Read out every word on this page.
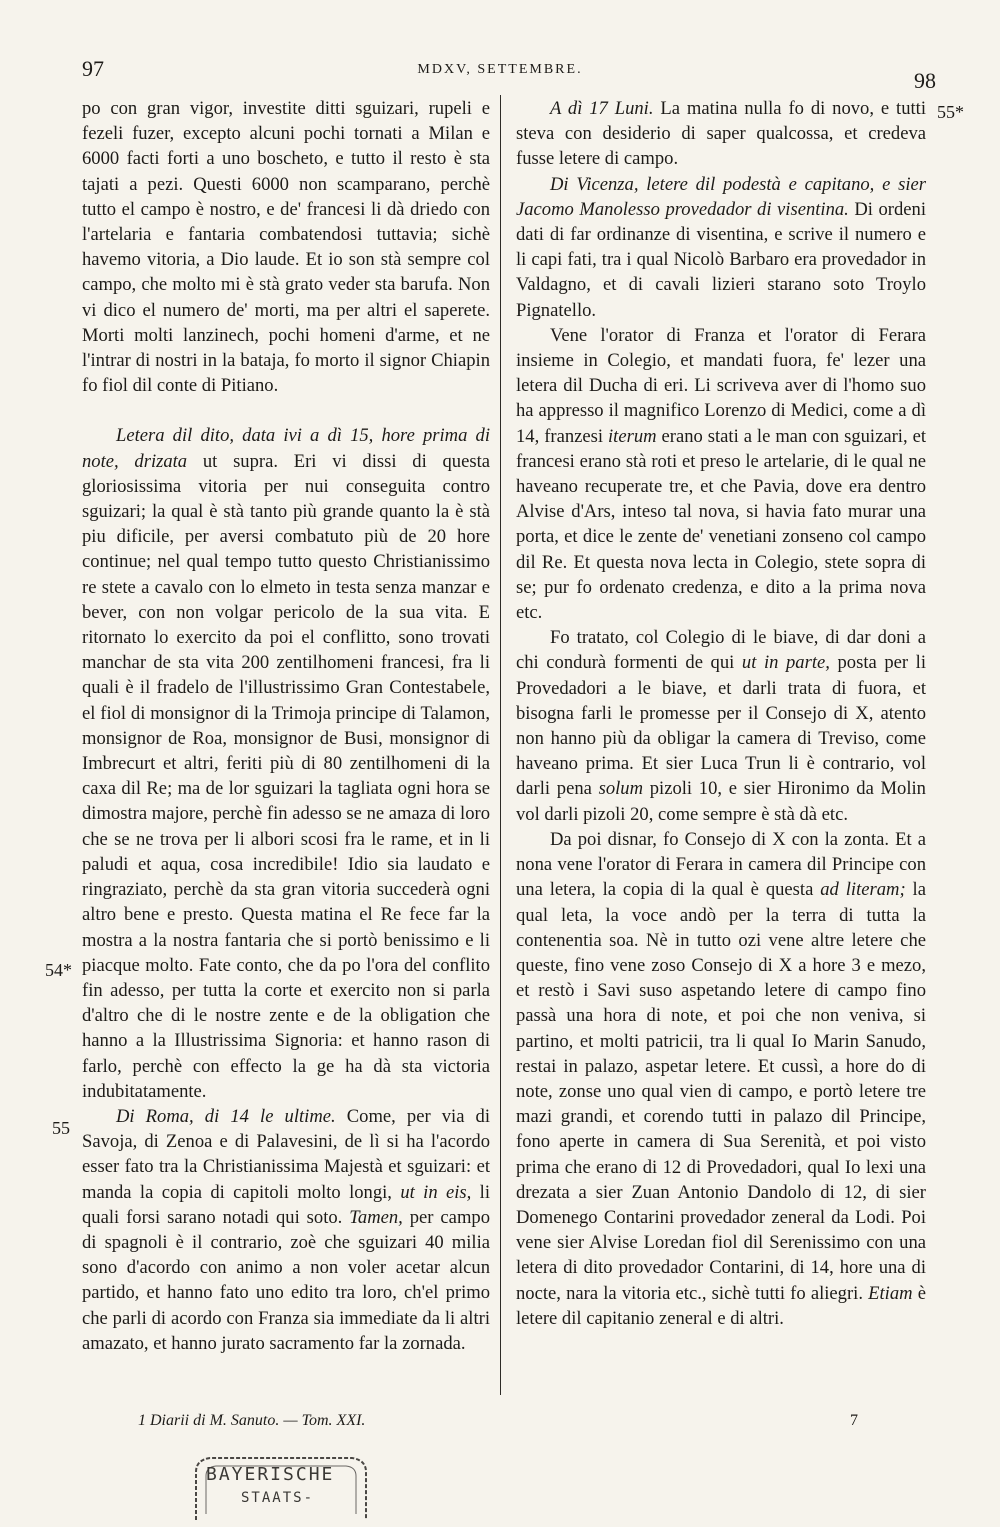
97	MDXV, SETTEMBRE.	98
54*
55
55*

po con gran vigor, investite ditti sguizari, rupeli e fezeli fuzer, excepto alcuni pochi tornati a Milan e 6000 facti forti a uno boscheto, e tutto il resto è sta tajati a pezi. Questi 6000 non scamparano, perchè tutto el campo è nostro, e de' francesi li dà driedo con l'artelaria e fantaria combatendosi tuttavia; sichè havemo vitoria, a Dio laude. Et io son stà sempre col campo, che molto mi è stà grato veder sta barufa. Non vi dico el numero de' morti, ma per altri el saperete. Morti molti lanzinech, pochi homeni d'arme, et ne l'intrar di nostri in la bataja, fo morto il signor Chiapin fo fiol dil conte di Pitiano.

Letera dil dito, data ivi a dì 15, hore prima di note, drizata ut supra. Eri vi dissi di questa gloriosissima vitoria per nui conseguita contro sguizari; la qual è stà tanto più grande quanto la è stà piu dificile, per aversi combatuto più de 20 hore continue; nel qual tempo tutto questo Christianissimo re stete a cavalo con lo elmeto in testa senza manzar e bever, con non volgar pericolo de la sua vita. E ritornato lo exercito da poi el conflitto, sono trovati manchar de sta vita 200 zentilhomeni francesi, fra li quali è il fradelo de l'illustrissimo Gran Contestabele, el fiol di monsignor di la Trimoja principe di Talamon, monsignor de Roa, monsignor de Busi, monsignor di Imbrecurt et altri, feriti più di 80 zentilhomeni di la caxa dil Re; ma de lor sguizari la tagliata ogni hora se dimostra majore, perchè fin adesso se ne amaza di loro che se ne trova per li albori scosi fra le rame, et in li paludi et aqua, cosa incredibile! Idio sia laudato e ringraziato, perchè da sta gran vitoria succederà ogni altro bene e presto. Questa matina el Re fece far la mostra a la nostra fantaria che si portò benissimo e li piacque molto. Fate conto, che da po l'ora del conflito fin adesso, per tutta la corte et exercito non si parla d'altro che di le nostre zente e de la obligation che hanno a la Illustrissima Signoria: et hanno rason di farlo, perchè con effecto la ge ha dà sta victoria indubitatamente.

Di Roma, di 14 le ultime. Come, per via di Savoja, di Zenoa e di Palavesini, de lì si ha l'acordo esser fato tra la Christianissima Majestà et sguizari: et manda la copia di capitoli molto longi, ut in eis, li quali forsi sarano notadi qui soto. Tamen, per campo di spagnoli è il contrario, zoè che sguizari 40 milia sono d'acordo con animo a non voler acetar alcun partido, et hanno fato uno edito tra loro, ch'el primo che parli di acordo con Franza sia immediate da li altri amazato, et hanno jurato sacramento far la zornada.

A dì 17 Luni. La matina nulla fo di novo, e tutti steva con desiderio di saper qualcossa, et credeva fusse letere di campo.

Di Vicenza, letere dil podestà e capitano, e sier Jacomo Manolesso provedador di visentina. Di ordeni dati di far ordinanze di visentina, e scrive il numero e li capi fati, tra i qual Nicolò Barbaro era provedador in Valdagno, et di cavali lizieri starano soto Troylo Pignatello.

Vene l'orator di Franza et l'orator di Ferara insieme in Colegio, et mandati fuora, fe' lezer una letera dil Ducha di eri. Li scriveva aver di l'homo suo ha appresso il magnifico Lorenzo di Medici, come a dì 14, franzesi iterum erano stati a le man con sguizari, et francesi erano stà roti et preso le artelarie, di le qual ne haveano recuperate tre, et che Pavia, dove era dentro Alvise d'Ars, inteso tal nova, si havia fato murar una porta, et dice le zente de' venetiani zonseno col campo dil Re. Et questa nova lecta in Colegio, stete sopra di se; pur fo ordenato credenza, e dito a la prima nova etc.

Fo tratato, col Colegio di le biave, di dar doni a chi condurà formenti de qui ut in parte, posta per li Provedadori a le biave, et darli trata di fuora, et bisogna farli le promesse per il Consejo di X, atento non hanno più da obligar la camera di Treviso, come haveano prima. Et sier Luca Trun li è contrario, vol darli pena solum pizoli 10, e sier Hironimo da Molin vol darli pizoli 20, come sempre è stà dà etc.

Da poi disnar, fo Consejo di X con la zonta. Et a nona vene l'orator di Ferara in camera dil Principe con una letera, la copia di la qual è questa ad literam; la qual leta, la voce andò per la terra di tutta la contenentia soa. Nè in tutto ozi vene altre letere che queste, fino vene zoso Consejo di X a hore 3 e mezo, et restò i Savi suso aspetando letere di campo fino passà una hora di note, et poi che non veniva, si partino, et molti patricii, tra li qual Io Marin Sanudo, restai in palazo, aspetar letere. Et cussì, a hore do di note, zonse uno qual vien di campo, e portò letere tre mazi grandi, et corendo tutti in palazo dil Principe, fono aperte in camera di Sua Serenità, et poi visto prima che erano di 12 di Provedadori, qual Io lexi una drezata a sier Zuan Antonio Dandolo di 12, di sier Domenego Contarini provedador zeneral da Lodi. Poi vene sier Alvise Loredan fiol dil Serenissimo con una letera di dito provedador Contarini, di 14, hore una di nocte, nara la vitoria etc., sichè tutti fo aliegri. Etiam è letere dil capitanio zeneral e di altri.

1 Diarii di M. Sanuto. — Tom. XXI.	7
BAYERISCHE
STAATS-
